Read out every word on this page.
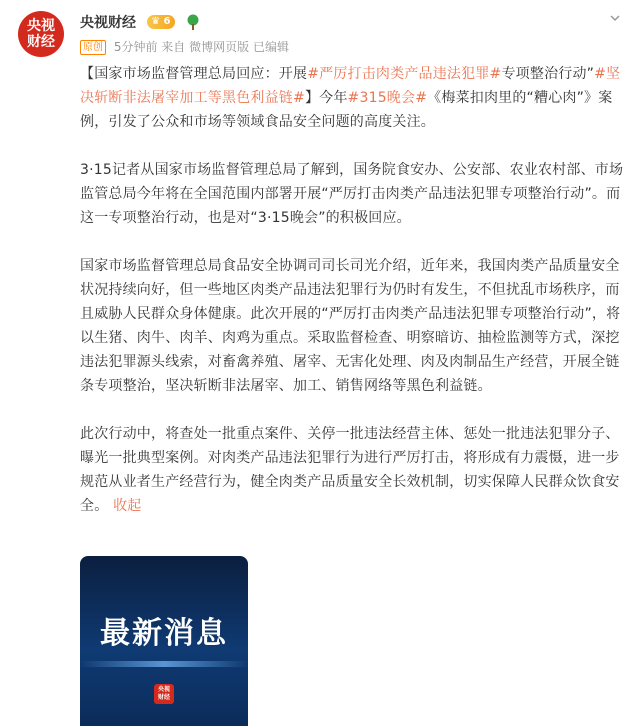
央视
财经
央视财经 ♛ 6
原创 5分钟前 来自 微博网页版 已编辑

【国家市场监督管理总局回应：开展#严厉打击肉类产品违法犯罪#专项整治行动”#坚决斩断非法屠宰加工等黑色利益链#】今年#315晚会#《梅菜扣肉里的“糟心肉”》案例，引发了公众和市场等领域食品安全问题的高度关注。

3·15记者从国家市场监督管理总局了解到，国务院食安办、公安部、农业农村部、市场监管总局今年将在全国范围内部署开展“严厉打击肉类产品违法犯罪专项整治行动”。而这一专项整治行动，也是对“3·15晚会”的积极回应。

国家市场监督管理总局食品安全协调司司长司光介绍，近年来，我国肉类产品质量安全状况持续向好，但一些地区肉类产品违法犯罪行为仍时有发生，不但扰乱市场秩序，而且威胁人民群众身体健康。此次开展的“严厉打击肉类产品违法犯罪专项整治行动”，将以生猪、肉牛、肉羊、肉鸡为重点。采取监督检查、明察暗访、抽检监测等方式，深挖违法犯罪源头线索，对畜禽养殖、屠宰、无害化处理、肉及肉制品生产经营，开展全链条专项整治，坚决斩断非法屠宰、加工、销售网络等黑色利益链。

此次行动中，将查处一批重点案件、关停一批违法经营主体、惩处一批违法犯罪分子、曝光一批典型案例。对肉类产品违法犯罪行为进行严厉打击，将形成有力震慑，进一步规范从业者生产经营行为，健全肉类产品质量安全长效机制，切实保障人民群众饮食安全。 收起

最新消息
央视
财经
